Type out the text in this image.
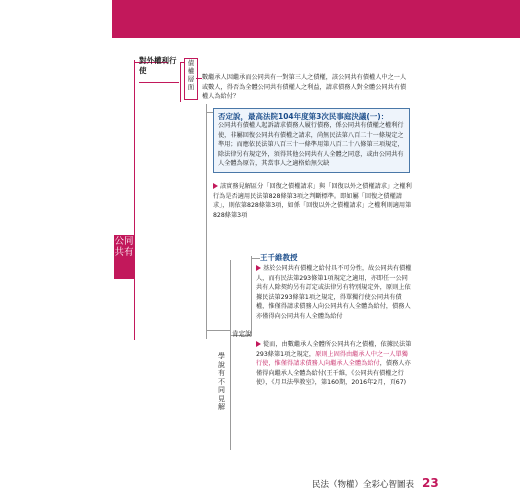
公同共有
對外權利行使
債權層面
數繼承人因繼承而公同共有一對第三人之債權，該公同共有債權人中之一人或數人，得否為全體公同共有債權人之利益，請求債務人對全體公同共有債權人為給付？
否定說，最高法院104年度第3次民事庭決議(一)：
公同共有債權人起訴請求債務人履行債務，係公同共有債權之權利行使，非屬回復公同共有債權之請求，尚無民法第八百二十一條規定之準用；而應依民法第八百三十一條準用第八百二十八條第三項規定，除法律另有規定外，須得其他公同共有人全體之同意，或由公同共有人全體為原告，其當事人之適格始無欠缺
該實務見解區分「回復之債權請求」與「回復以外之債權請求」之權利行為是否適用民法第828條第3項之判斷標準。即如屬「回復之債權請求」，則依第828條第3項，如係「回復以外之債權請求」之權利則適用第828條第3項
學說有不同見解
肯定說
王千維教授
基於公同共有債權之給付具不可分性，故公同共有債權人，而有民法第293條第1項規定之適用，亦即任一公同共有人除契約另有訂定或法律另有特別規定外，原則上依據民法第293條第1項之規定，得單獨行使公同共有債權，惟僅得請求債務人向公同共有人全體為給付，債務人亦僅得向公同共有人全體為給付
從而，由數繼承人全體所公同共有之債權，依據民法第293條第1項之規定，原則上固得由繼承人中之一人單獨行使，惟僅得請求債務人向繼承人全體為給付，債務人亦僅得向繼承人全體為給付(王千維，《公同共有債權之行使》，《月旦法學教室》，第160期，2016年2月，頁67)
民法（物權）全彩心智圖表 23
